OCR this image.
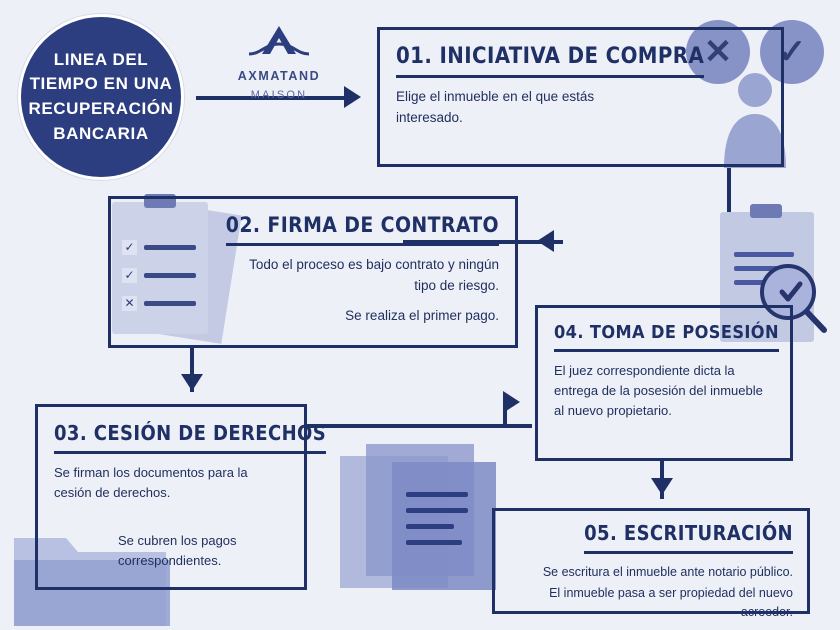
LINEA DEL TIEMPO EN UNA RECUPERACIÓN BANCARIA
AXMATAND MAISON
✕ ✓
✓
✓
✕
01. INICIATIVA DE COMPRA

Elige el inmueble en el que estás interesado.

02. FIRMA DE CONTRATO

Todo el proceso es bajo contrato y ningún tipo de riesgo.

Se realiza el primer pago.

03. CESIÓN DE DERECHOS

Se firman los documentos para la cesión de derechos.

Se cubren los pagos correspondientes.

04. TOMA DE POSESIÓN

El juez correspondiente dicta la entrega de la posesión del inmueble al nuevo propietario.

05. ESCRITURACIÓN

Se escritura el inmueble ante notario público.

El inmueble pasa a ser propiedad del nuevo acreedor.
